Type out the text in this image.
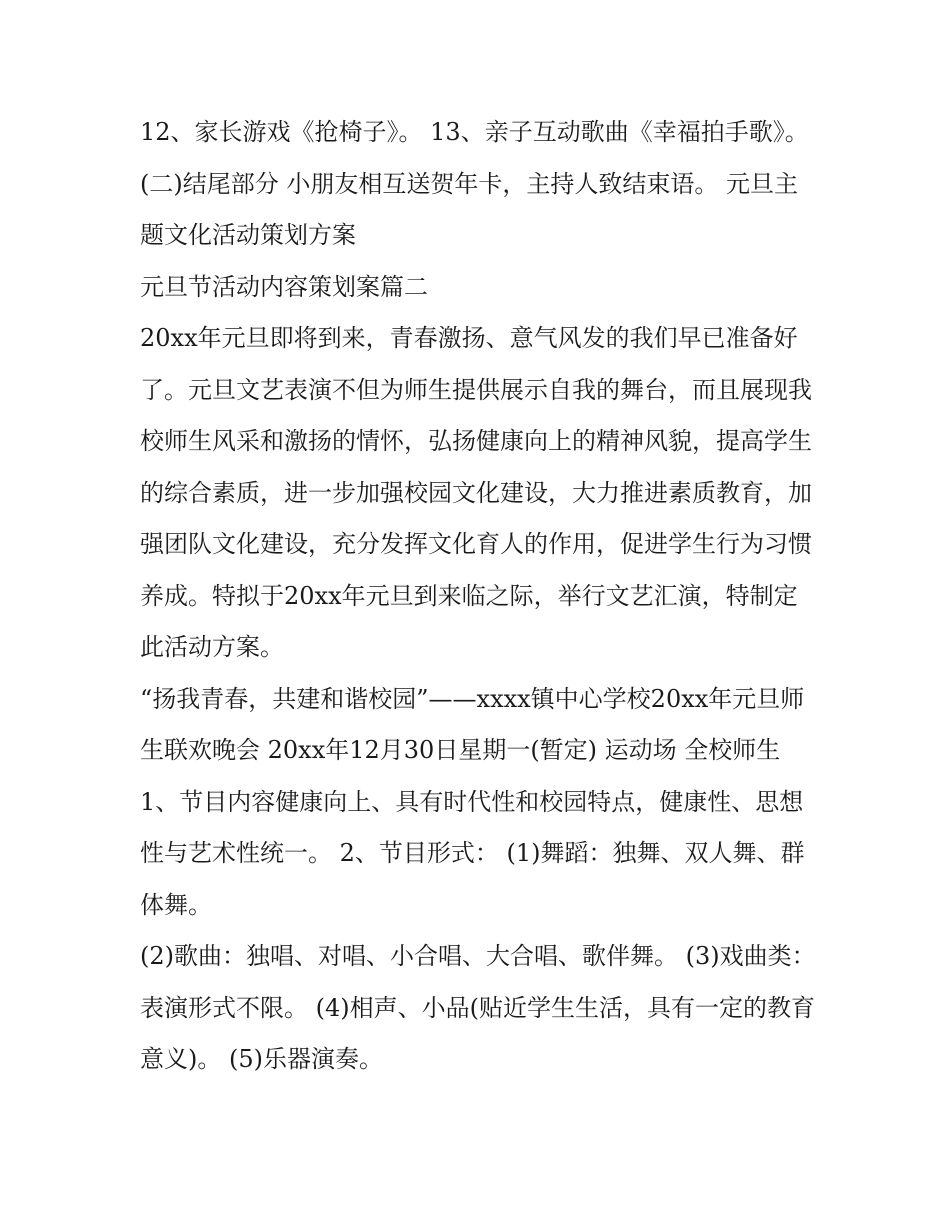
12、家长游戏《抢椅子》。 13、亲子互动歌曲《幸福拍手歌》。 (二)结尾部分 小朋友相互送贺年卡，主持人致结束语。 元旦主题文化活动策划方案

元旦节活动内容策划案篇二

20xx年元旦即将到来，青春激扬、意气风发的我们早已准备好了。元旦文艺表演不但为师生提供展示自我的舞台，而且展现我校师生风采和激扬的情怀，弘扬健康向上的精神风貌，提高学生的综合素质，进一步加强校园文化建设，大力推进素质教育，加强团队文化建设，充分发挥文化育人的作用，促进学生行为习惯养成。特拟于20xx年元旦到来临之际，举行文艺汇演，特制定此活动方案。

“扬我青春，共建和谐校园”——xxxx镇中心学校20xx年元旦师生联欢晚会 20xx年12月30日星期一(暂定) 运动场 全校师生

1、节目内容健康向上、具有时代性和校园特点，健康性、思想性与艺术性统一。 2、节目形式： (1)舞蹈：独舞、双人舞、群体舞。

(2)歌曲：独唱、对唱、小合唱、大合唱、歌伴舞。 (3)戏曲类：表演形式不限。 (4)相声、小品(贴近学生生活，具有一定的教育意义)。 (5)乐器演奏。
